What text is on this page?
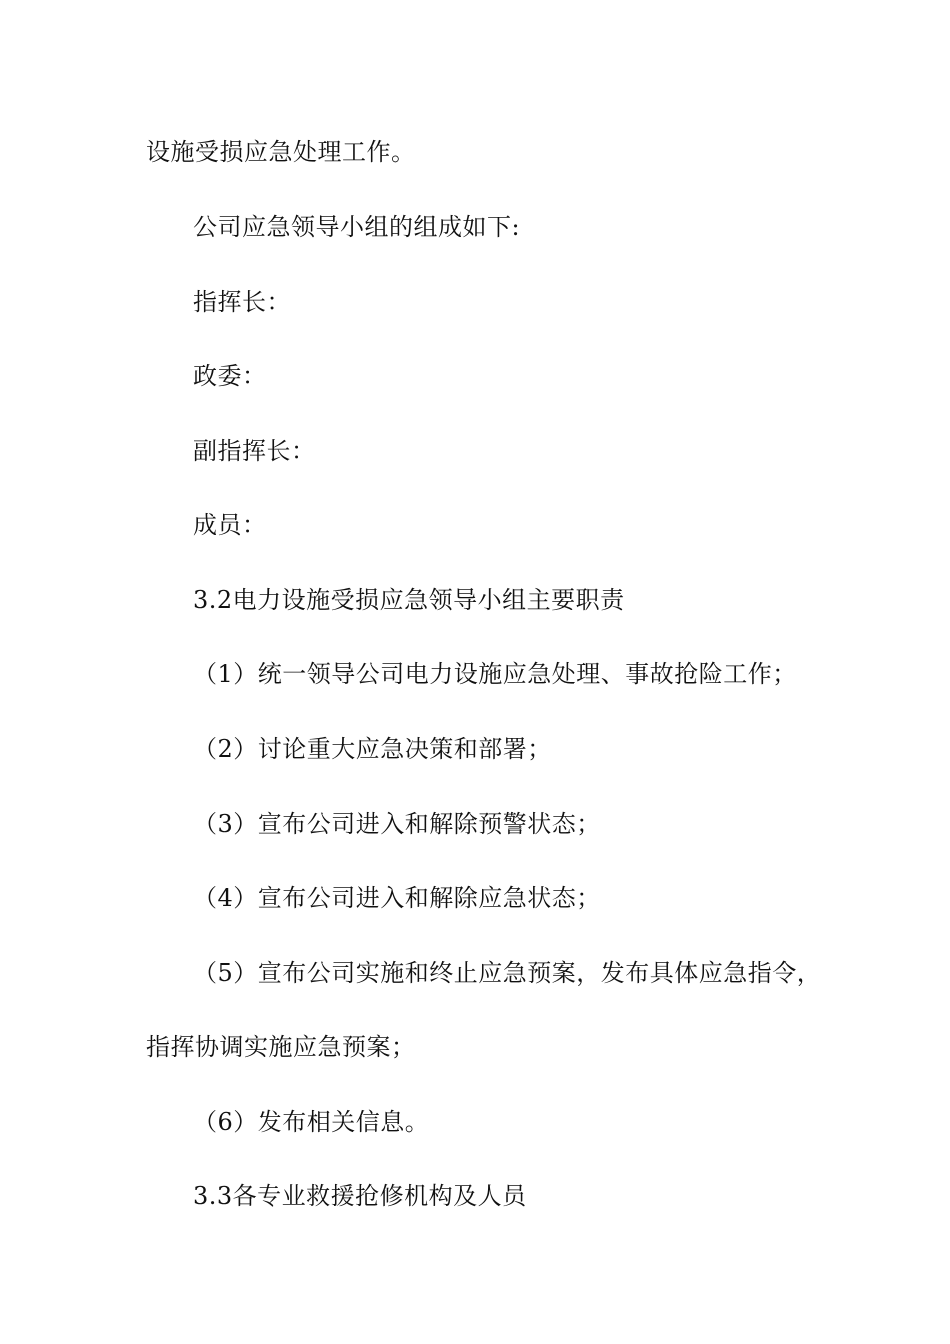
设施受损应急处理工作。
公司应急领导小组的组成如下:
指挥长：
政委：
副指挥长：
成员：
3.2电力设施受损应急领导小组主要职责
（1）统一领导公司电力设施应急处理、事故抢险工作；
（2）讨论重大应急决策和部署；
（3）宣布公司进入和解除预警状态；
（4）宣布公司进入和解除应急状态；
（5）宣布公司实施和终止应急预案，发布具体应急指令，
指挥协调实施应急预案；
（6）发布相关信息。
3.3各专业救援抢修机构及人员
